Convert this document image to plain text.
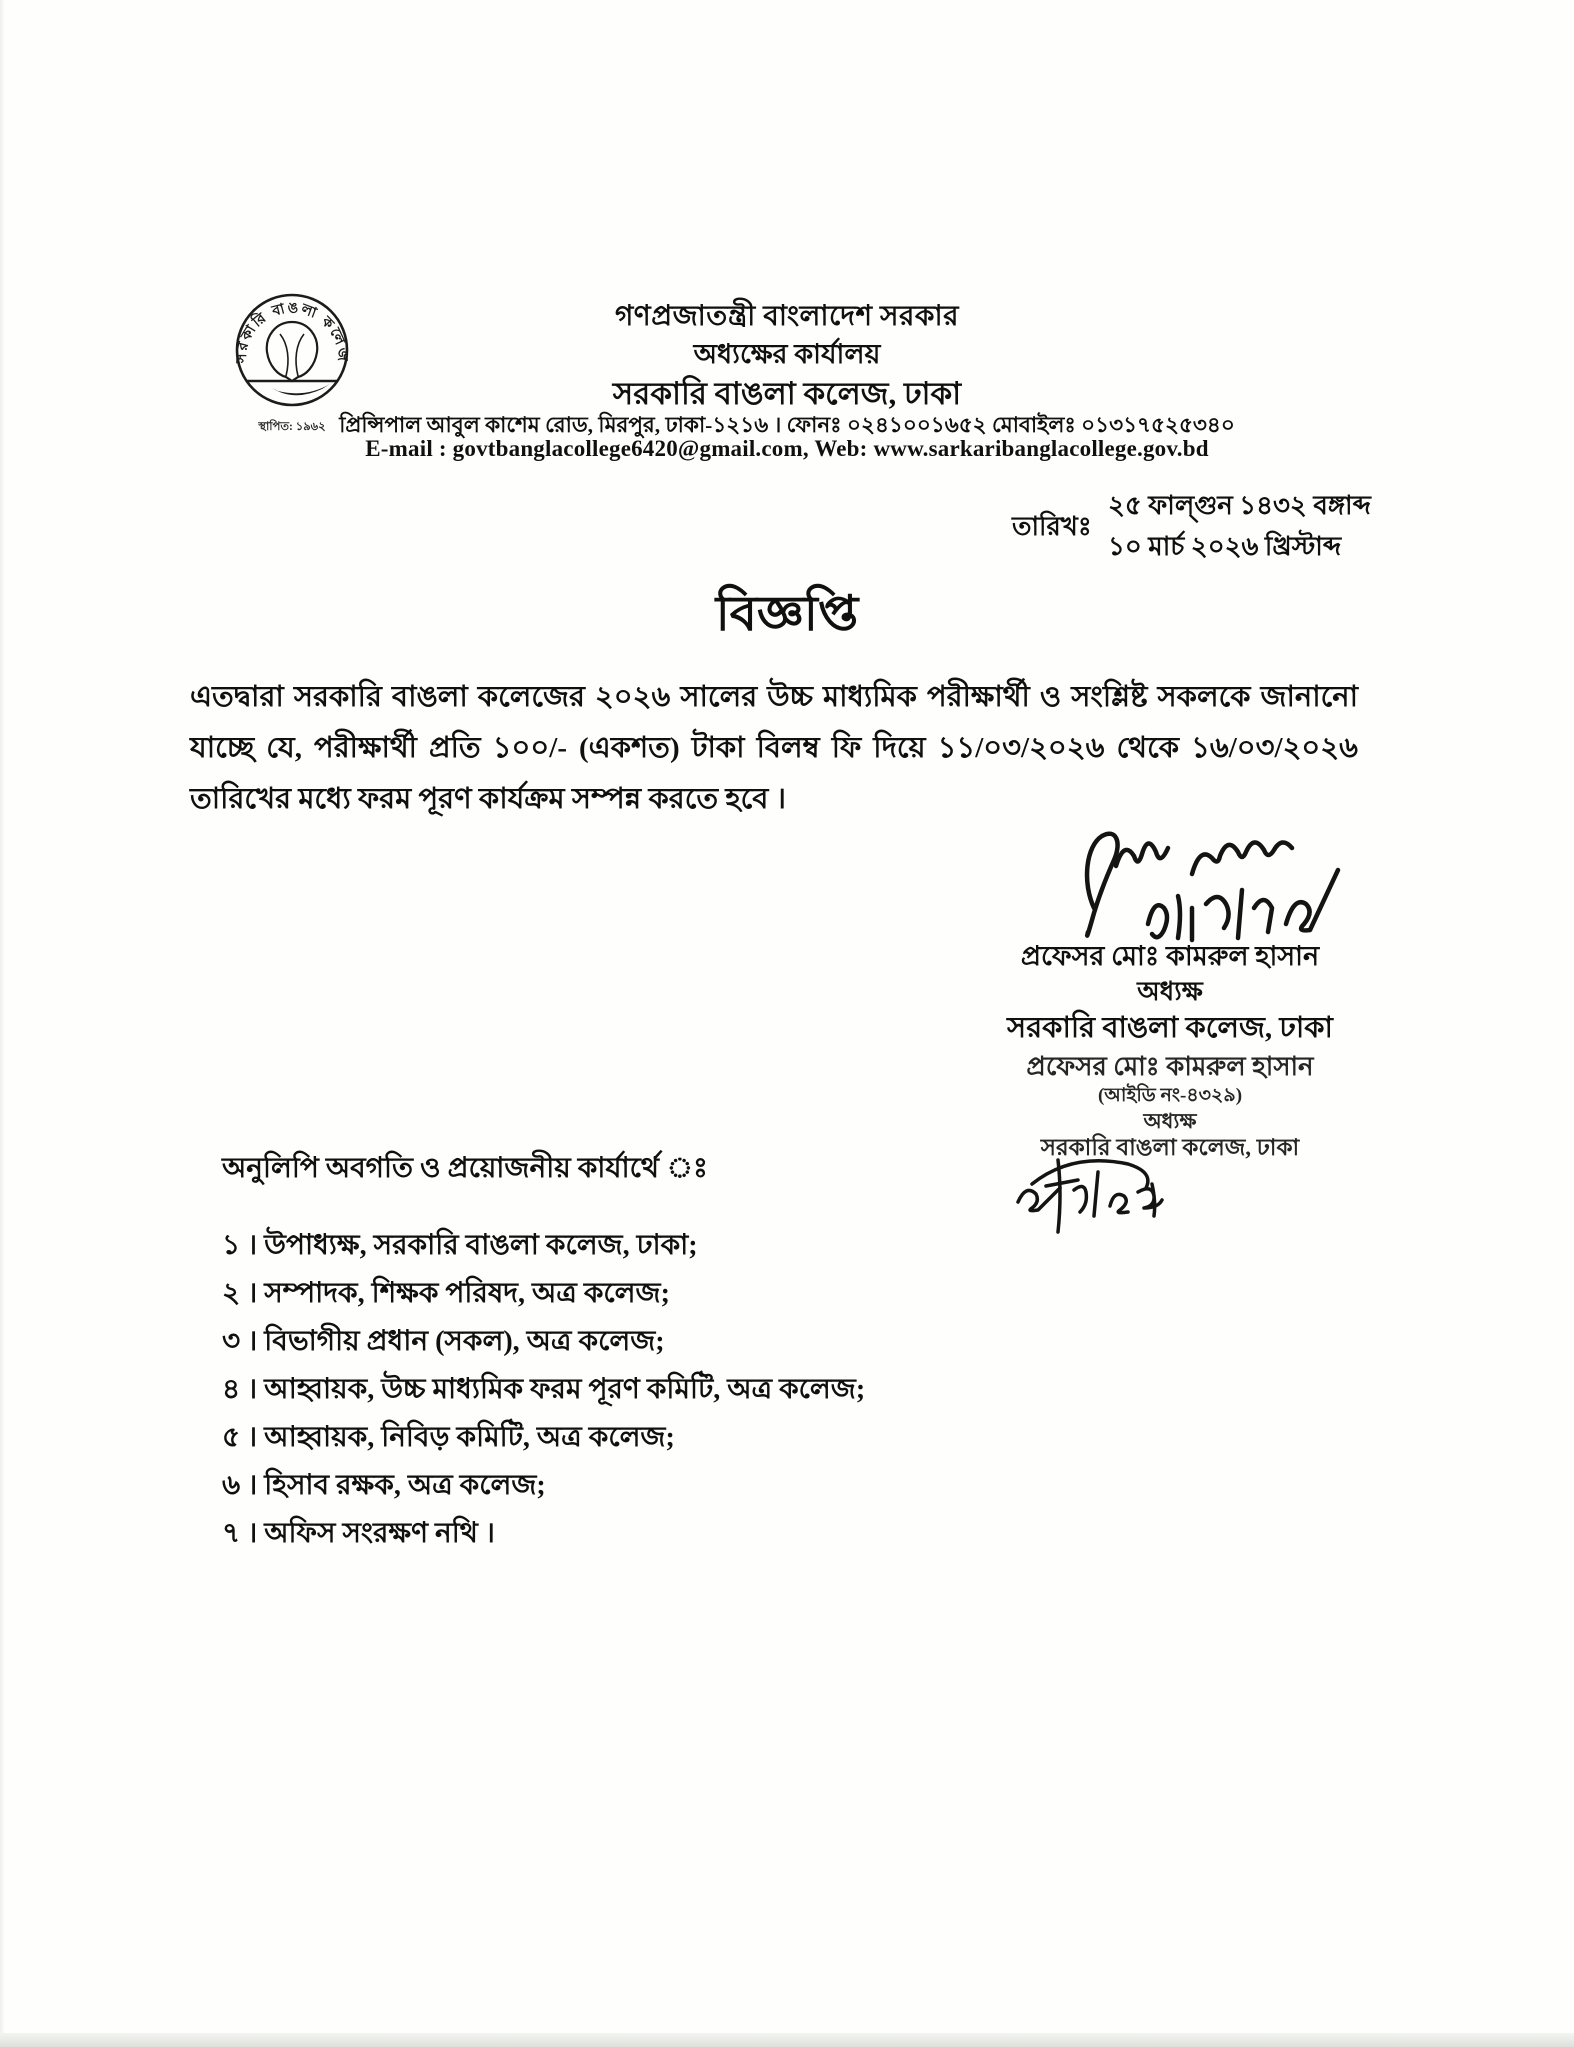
সরকারি বাঙলা কলেজ
স্থাপিত: ১৯৬২
গণপ্রজাতন্ত্রী বাংলাদেশ সরকার
অধ্যক্ষের কার্যালয়
সরকারি বাঙলা কলেজ, ঢাকা
প্রিন্সিপাল আবুল কাশেম রোড, মিরপুর, ঢাকা-১২১৬ । ফোনঃ ০২৪১০০১৬৫২ মোবাইলঃ ০১৩১৭৫২৫৩৪০
E-mail : govtbanglacollege6420@gmail.com, Web: www.sarkaribanglacollege.gov.bd
তারিখঃ
২৫ ফাল্গুন ১৪৩২ বঙ্গাব্দ
১০ মার্চ ২০২৬ খ্রিস্টাব্দ
বিজ্ঞপ্তি
এতদ্বারা সরকারি বাঙলা কলেজের ২০২৬ সালের উচ্চ মাধ্যমিক পরীক্ষার্থী ও সংশ্লিষ্ট সকলকে জানানো যাচ্ছে যে, পরীক্ষার্থী প্রতি ১০০/- (একশত) টাকা বিলম্ব ফি দিয়ে ১১/০৩/২০২৬ থেকে ১৬/০৩/২০২৬ তারিখের মধ্যে ফরম পূরণ কার্যক্রম সম্পন্ন করতে হবে ।
প্রফেসর মোঃ কামরুল হাসান
অধ্যক্ষ
সরকারি বাঙলা কলেজ, ঢাকা
প্রফেসর মোঃ কামরুল হাসান
(আইডি নং-৪৩২৯)
অধ্যক্ষ
সরকারি বাঙলা কলেজ, ঢাকা
অনুলিপি অবগতি ও প্রয়োজনীয় কার্যার্থে ঃ
১ । উপাধ্যক্ষ, সরকারি বাঙলা কলেজ, ঢাকা;
২ । সম্পাদক, শিক্ষক পরিষদ, অত্র কলেজ;
৩ । বিভাগীয় প্রধান (সকল), অত্র কলেজ;
৪ । আহ্বায়ক, উচ্চ মাধ্যমিক ফরম পূরণ কমিটি, অত্র কলেজ;
৫ । আহ্বায়ক, নিবিড় কমিটি, অত্র কলেজ;
৬ । হিসাব রক্ষক, অত্র কলেজ;
৭ । অফিস সংরক্ষণ নথি ।
